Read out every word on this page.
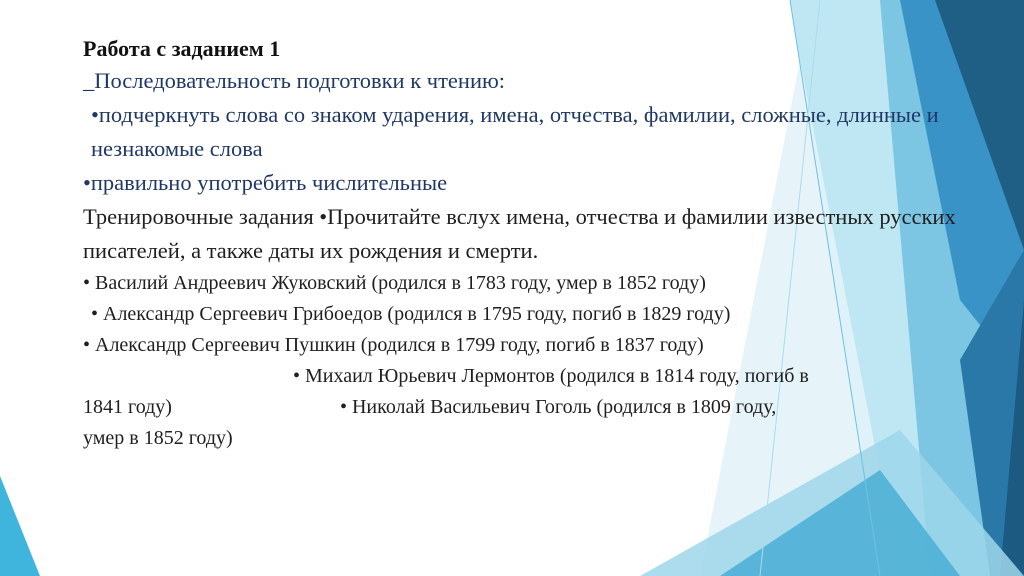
Работа с заданием 1

_Последовательность подготовки к чтению:

•подчеркнуть слова со знаком ударения, имена, отчества, фамилии, сложные, длинные и незнакомые слова

•правильно употребить числительные

Тренировочные задания •Прочитайте вслух имена, отчества и фамилии известных русских писателей, а также даты их рождения и смерти.

• Василий Андреевич Жуковский (родился в 1783 году, умер в 1852 году)

• Александр Сергеевич Грибоедов (родился в 1795 году, погиб в 1829 году)

• Александр Сергеевич Пушкин (родился в 1799 году, погиб в 1837 году)

• Михаил Юрьевич Лермонтов (родился в 1814 году, погиб в

1841 году)	• Николай Васильевич Гоголь (родился в 1809 году,

умер в 1852 году)
